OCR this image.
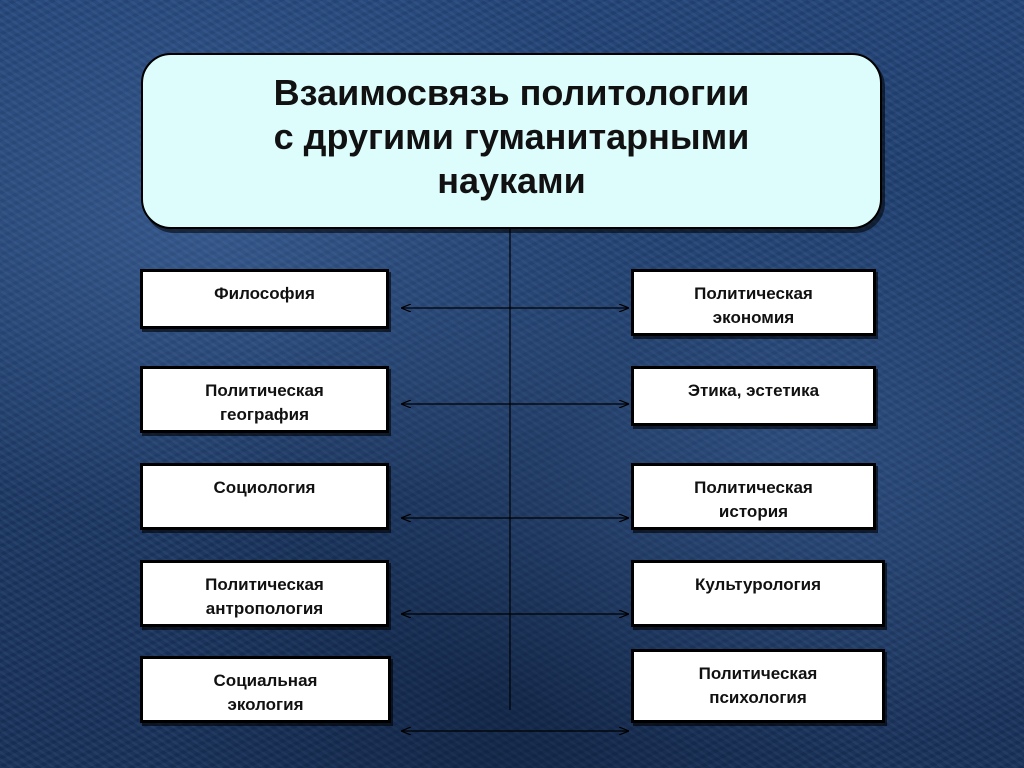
Взаимосвязь политологии
с другими гуманитарными
науками
Философия
Политическая
география
Социология
Политическая
антропология
Социальная
экология
Политическая
экономия
Этика, эстетика
Политическая
история
Культурология
Политическая
психология
